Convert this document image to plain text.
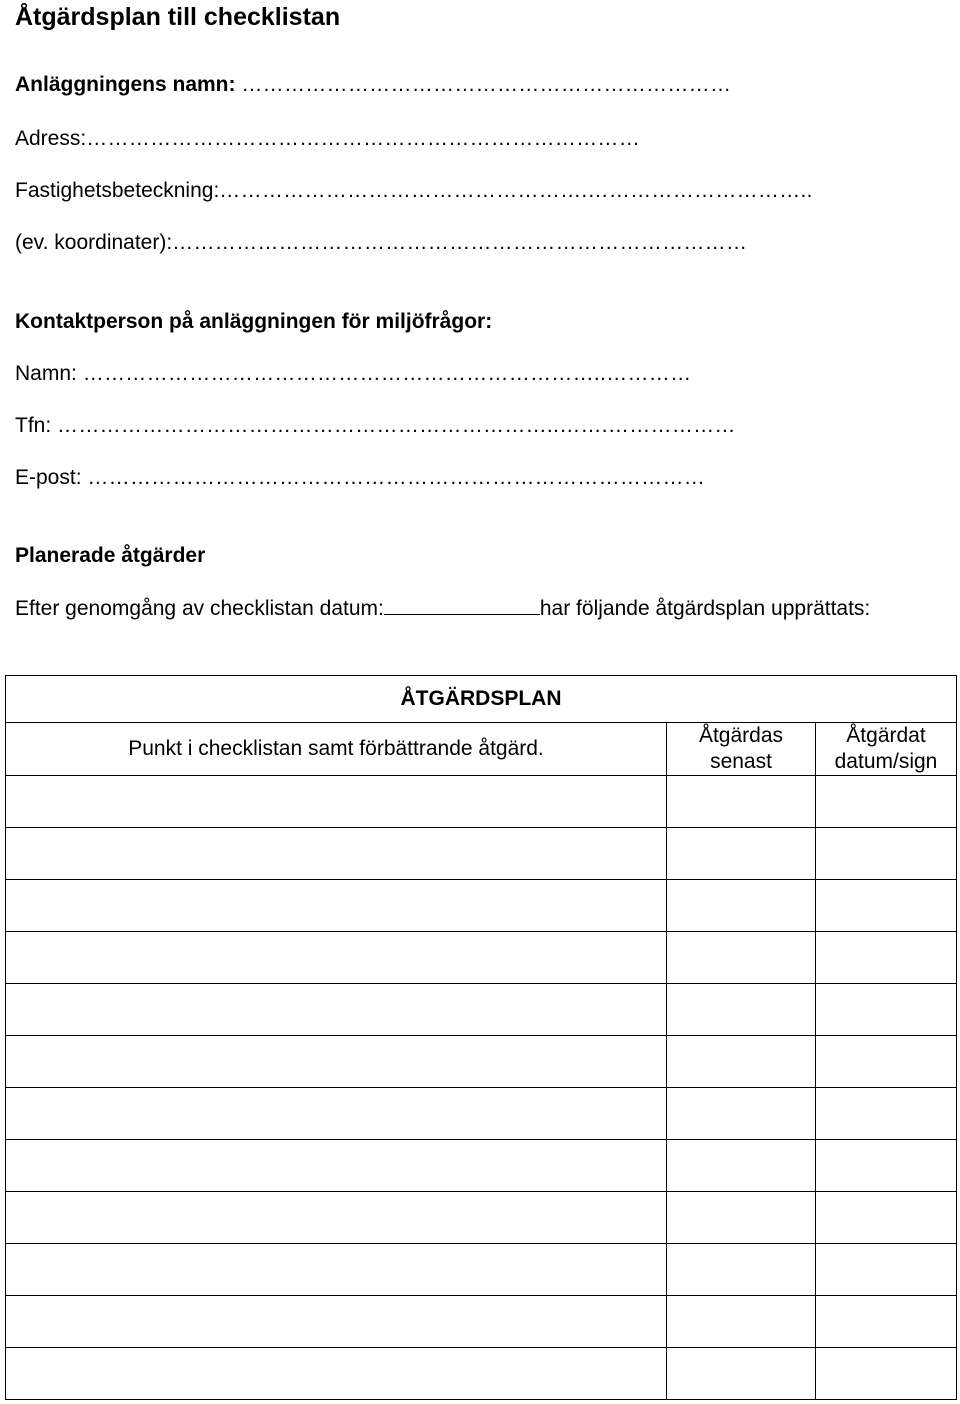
Åtgärdsplan till checklistan
Anläggningens namn: ……………………………………………………………
Adress:……………………………………………………………………
Fastighetsbeteckning:…………………………………………….…………………………..
(ev. koordinater):………………………………………………………………………
Kontaktperson på anläggningen för miljöfrågor:
Namn: ………………………………………………………………..…………
Tfn: ……………………………………………………………..…….………………
E-post: ……………………………………………………………………………
Planerade åtgärder
Efter genomgång av checklistan datum:	har följande åtgärdsplan upprättats:
ÅTGÄRDSPLAN		
Punkt i checklistan samt förbättrande åtgärd.	Åtgärdas senast	Åtgärdat datum/sign
